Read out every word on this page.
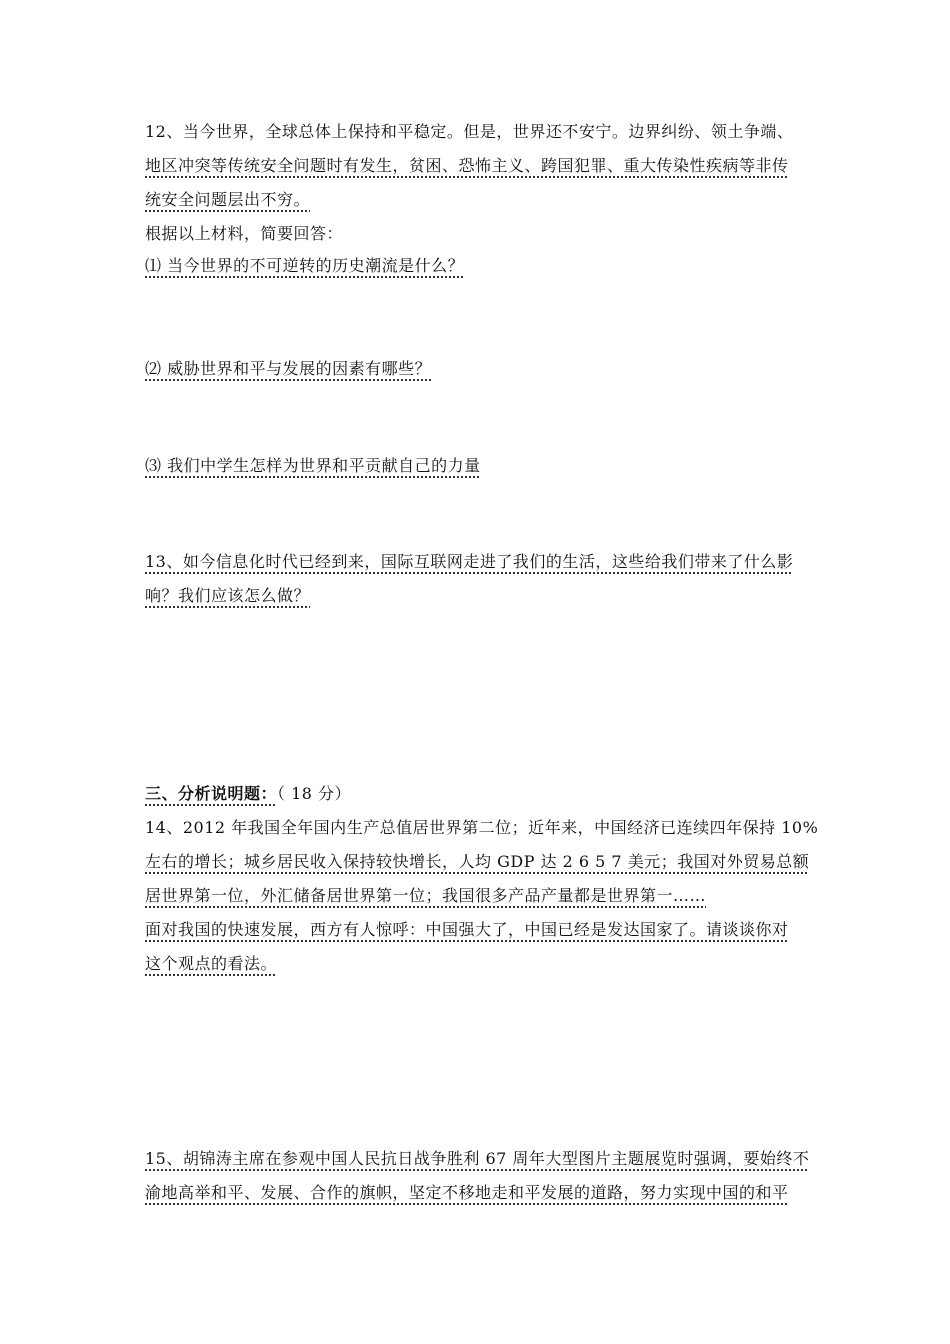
12、当今世界，全球总体上保持和平稳定。但是，世界还不安宁。边界纠纷、领土争端、
地区冲突等传统安全问题时有发生，贫困、恐怖主义、跨国犯罪、重大传染性疾病等非传
统安全问题层出不穷。
根据以上材料，简要回答：
⑴ 当今世界的不可逆转的历史潮流是什么？
⑵ 威胁世界和平与发展的因素有哪些？
⑶ 我们中学生怎样为世界和平贡献自己的力量
13、如今信息化时代已经到来，国际互联网走进了我们的生活，这些给我们带来了什么影
响？我们应该怎么做？
三、分析说明题：（ 18 分）
14、2012 年我国全年国内生产总值居世界第二位；近年来，中国经济已连续四年保持 10%
左右的增长；城乡居民收入保持较快增长，人均 GDP 达 2 6 5 7 美元；我国对外贸易总额
居世界第一位，外汇储备居世界第一位；我国很多产品产量都是世界第一……
面对我国的快速发展，西方有人惊呼：中国强大了，中国已经是发达国家了。请谈谈你对
这个观点的看法。
15、胡锦涛主席在参观中国人民抗日战争胜利 67 周年大型图片主题展览时强调，要始终不
渝地高举和平、发展、合作的旗帜，坚定不移地走和平发展的道路，努力实现中国的和平
